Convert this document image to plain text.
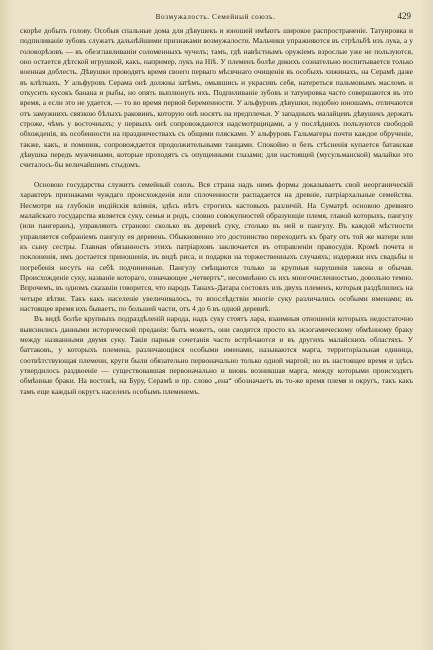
Возмужалость. Семейный союзъ.	429

скорѣе добыть голову. Особыя спальные дома для дѣвушекъ и юношей имѣютъ широкое распространеніе. Татуировка и подпиливаніе зубовъ служатъ дальнѣйшими признаками возмужалости. Мальчики упражняются въ стрѣльбѣ изъ лука, а у головорѣзовъ — въ обезглавливаніи соломенныхъ чучелъ; тамъ, гдѣ навѣстнымъ оружіемъ взрослые уже не пользуются, оно остается дѣтской игрушкой, какъ, например, лукъ на Ніѣ. У племенъ болѣе дикихъ сознательно воспитывается только военная доблесть. Дѣвушки проводятъ время своего перваго мѣсячнаго очищенія въ особыхъ хижинахъ, на Серамѣ даже въ клѣткахъ. У альфуровъ Серама онѣ должны затѣмъ, омывшись и украсивъ себя, натереться пальмовымъ масломъ и откусить кусокъ банана и рыбы, но опять выплюнуть ихъ. Подпиливаніе зубовъ и татуировка часто совершаются въ это время, а если это не удается, — то во время первой беременности. У альфуровъ дѣвушки, подобно юношамъ, отличаются отъ замужнихъ связкою бѣлыхъ раковинъ, которую онѣ носятъ на предплечьи. У западныхъ малайцевъ дѣвушекъ держатъ строже, чѣмъ у восточныхъ; у первыхъ онѣ сопровождаются надсмотрщицами, а у послѣднихъ пользуются свободой обхожденія, въ особенности на праздничествахъ съ общими плясками. У альфуровъ Гальмагеры почти каждое обрученіе, также, какъ, и помнинк, сопровождается продолжительными танцами. Спокойно и безъ стѣсненія купается батакская дѣвушка передъ мужчинами, которые проходятъ съ опущенными глазами; для настоящей (мусульманской) малайки это считалось-бы величайшимъ стыдомъ.

Основою государства служитъ семейный союзъ. Вся страна надъ нимъ формы доказываетъ свой неорганическій характеръ признаками чуждаго происхожденія или сплоченности распадается на древніе, патріархальные семейства. Несмотря на глубокія индійскія вліянія, здѣсь нѣтъ строгихъ кастовыхъ различій. На Суматрѣ основою древняго малайскаго государства является суку, семья и родъ, словно совокупностей образующіе племя, главой которыхъ, пангулу (или пангеранъ), управляютъ страною: сколько въ деревнѣ суку, столько въ ней и пангулу. Въ каждой мѣстности управляется собраніемъ пангулу ея деревень. Обыкновенно это достоинство переходитъ къ брату отъ той же матери или къ сыну сестры. Главная обязанность этихъ патріарховъ заключается въ отправленіи правосудія. Кромѣ почета и поклоненія, имъ достается приношенія, въ видѣ риса, и подарки на торжественныхъ случаяхъ; издержки ихъ свадьбы и погребенія несутъ на себѣ подчиненные. Пангулу смѣщаются только за крупныя нарушенія закона и обычая. Происхожденіе суку, названіе котораго, означающее „четвертъ“, несомнѣнно съ ихъ многочисленностью, довольно темно. Впрочемъ, въ одномъ сказаніи говорится, что народъ Танахъ-Датара состоялъ изъ двухъ племенъ, которыя раздѣлились на четыре вѣтви. Такъ какъ населеніе увеличивалось, то впослѣдствіи многіе суку различались особыми именами; въ настоящее время ихъ бываетъ, по большей части, отъ 4 до 6 въ одной деревнѣ.

Въ видѣ болѣе крупныхъ подраздѣленій народа, надъ суку стоятъ лара, взаимныя отношенія которыхъ недостаточно выяснились данными исторической преданія: быть можетъ, они сводятся просто къ экзогамическому обмѣнному браку между названными двумя суку. Такія парныя сочетанія часто встрѣчаются и въ другихъ малайскихъ областяхъ. У баттаковъ, у которыхъ племена, различающіяся особыми именами, называются марга, территоріальная единица, соотвѣтствующая племени, круги были обязательно первоначально только одной маргой; но въ настоящее время и здѣсь утвердилось раздвоеніе — существовавшая первоначально и вновь возникшая марга, между которыми происходятъ обмѣнные браки. На востокѣ, на Буру, Серамѣ и пр. слово „ена“ обозначаетъ въ то-же время племя и округъ, такъ какъ тамъ еще каждый округъ населенъ особымъ племенемъ.
